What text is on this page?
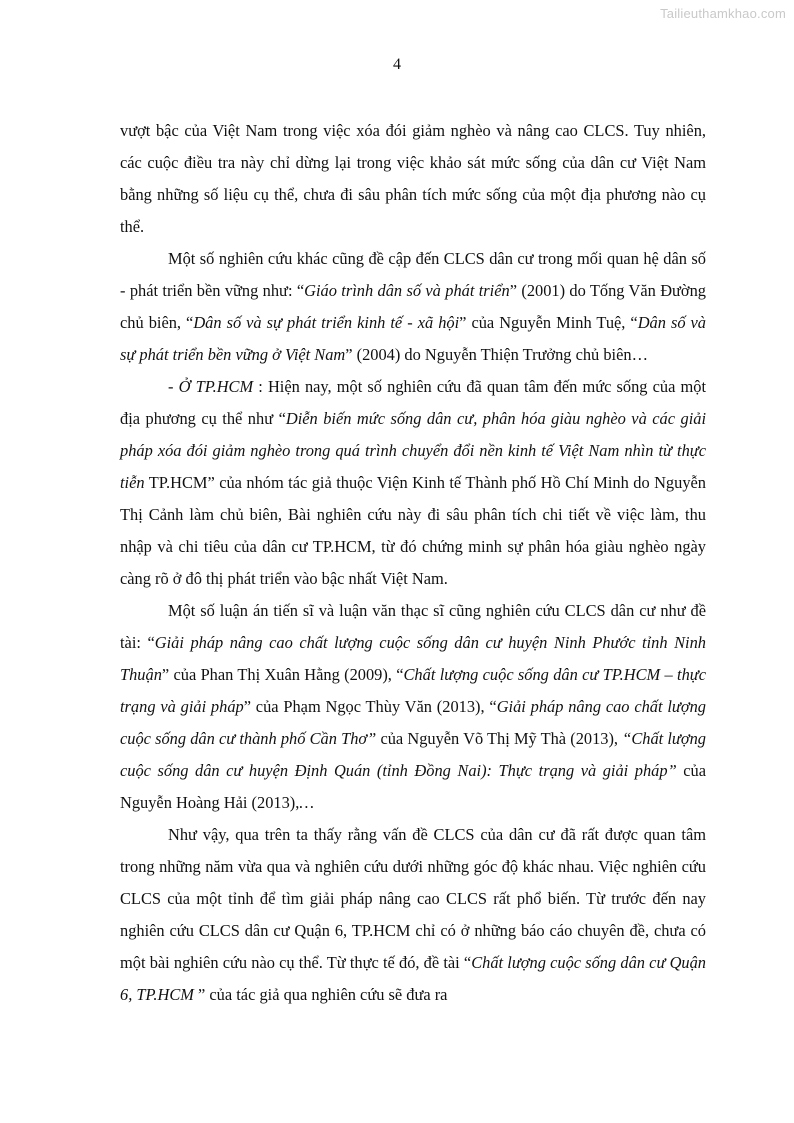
Tailieuthamkhao.com
4

vượt bậc của Việt Nam trong việc xóa đói giảm nghèo và nâng cao CLCS. Tuy nhiên, các cuộc điều tra này chỉ dừng lại trong việc khảo sát mức sống của dân cư Việt Nam bằng những số liệu cụ thể, chưa đi sâu phân tích mức sống của một địa phương nào cụ thể.

Một số nghiên cứu khác cũng đề cập đến CLCS dân cư trong mối quan hệ dân số - phát triển bền vững như: “Giáo trình dân số và phát triển” (2001) do Tống Văn Đường chủ biên, “Dân số và sự phát triển kinh tế - xã hội” của Nguyễn Minh Tuệ, “Dân số và sự phát triển bền vững ở Việt Nam” (2004) do Nguyễn Thiện Trưởng chủ biên…

- Ở TP.HCM : Hiện nay, một số nghiên cứu đã quan tâm đến mức sống của một địa phương cụ thể như “Diễn biến mức sống dân cư, phân hóa giàu nghèo và các giải pháp xóa đói giảm nghèo trong quá trình chuyển đổi nền kinh tế Việt Nam nhìn từ thực tiễn TP.HCM” của nhóm tác giả thuộc Viện Kinh tế Thành phố Hồ Chí Minh do Nguyễn Thị Cảnh làm chủ biên, Bài nghiên cứu này đi sâu phân tích chi tiết về việc làm, thu nhập và chi tiêu của dân cư TP.HCM, từ đó chứng minh sự phân hóa giàu nghèo ngày càng rõ ở đô thị phát triển vào bậc nhất Việt Nam.

Một số luận án tiến sĩ và luận văn thạc sĩ cũng nghiên cứu CLCS dân cư như đề tài: “Giải pháp nâng cao chất lượng cuộc sống dân cư huyện Ninh Phước tỉnh Ninh Thuận” của Phan Thị Xuân Hằng (2009), “Chất lượng cuộc sống dân cư TP.HCM – thực trạng và giải pháp” của Phạm Ngọc Thùy Văn (2013), “Giải pháp nâng cao chất lượng cuộc sống dân cư thành phố Cần Thơ” của Nguyễn Võ Thị Mỹ Thà (2013), “Chất lượng cuộc sống dân cư huyện Định Quán (tỉnh Đồng Nai): Thực trạng và giải pháp” của Nguyễn Hoàng Hải (2013),…

Như vậy, qua trên ta thấy rằng vấn đề CLCS của dân cư đã rất được quan tâm trong những năm vừa qua và nghiên cứu dưới những góc độ khác nhau. Việc nghiên cứu CLCS của một tỉnh để tìm giải pháp nâng cao CLCS rất phổ biến. Từ trước đến nay nghiên cứu CLCS dân cư Quận 6, TP.HCM chỉ có ở những báo cáo chuyên đề, chưa có một bài nghiên cứu nào cụ thể. Từ thực tế đó, đề tài “Chất lượng cuộc sống dân cư Quận 6, TP.HCM ” của tác giả qua nghiên cứu sẽ đưa ra
